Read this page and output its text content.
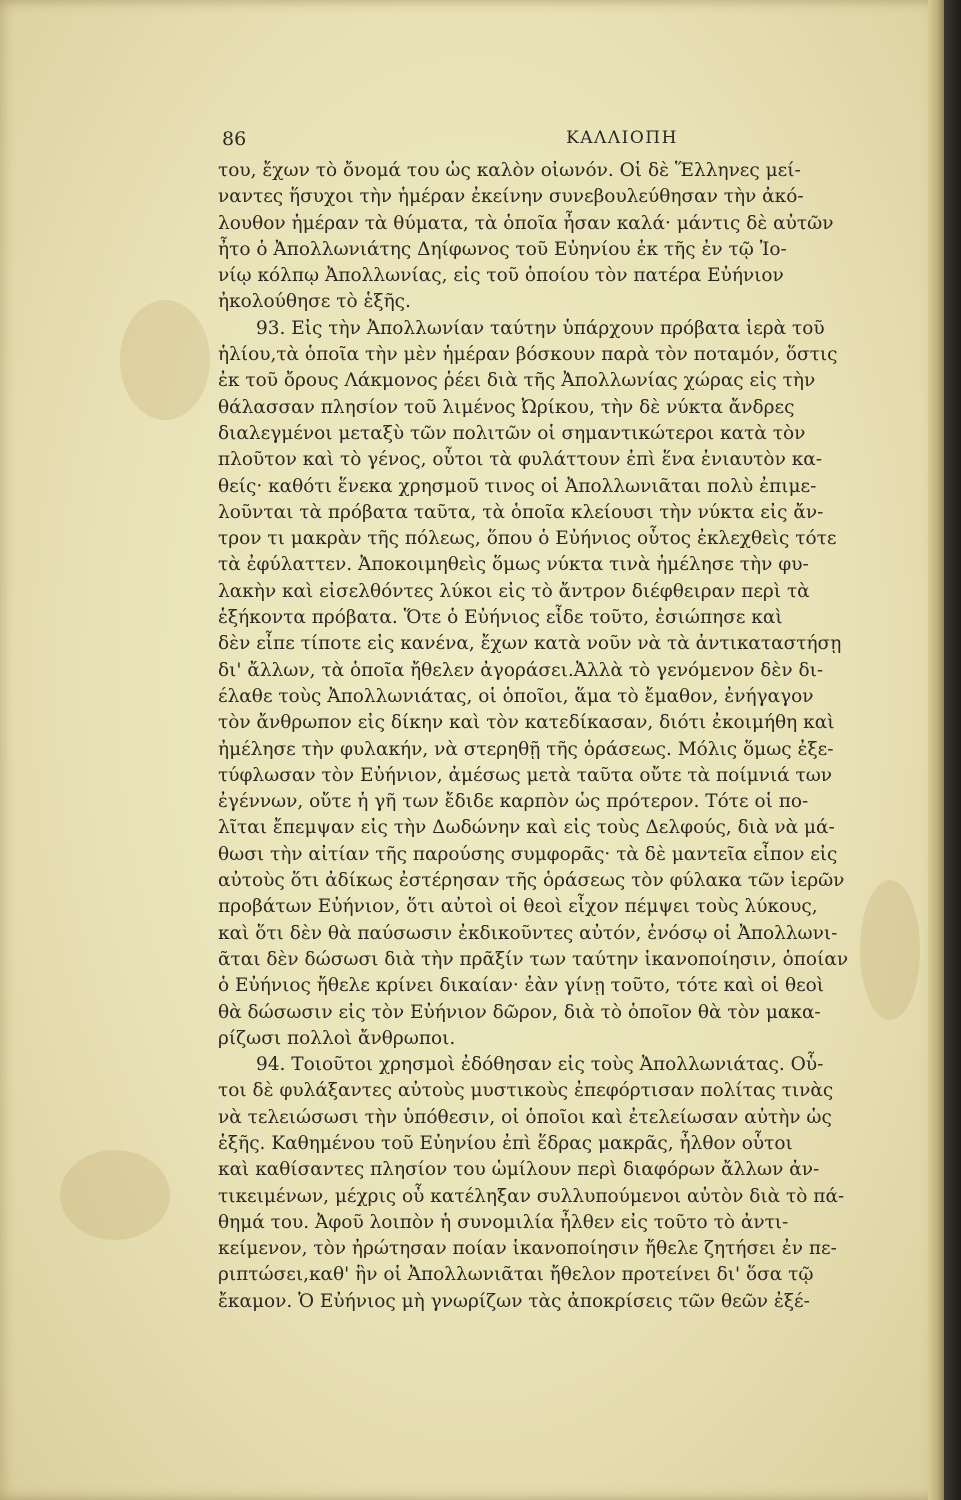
86	ΚΑΛΛΙΟΠΗ
του, ἔχων τὸ ὄνομά του ὡς καλὸν οἰωνόν. Οἱ δὲ Ἕλληνες μεί-
ναντες ἥσυχοι τὴν ἡμέραν ἐκείνην συνεβουλεύθησαν τὴν ἀκό-
λουθον ἡμέραν τὰ θύματα, τὰ ὁποῖα ἦσαν καλά· μάντις δὲ αὐτῶν
ἦτο ὁ Ἀπολλωνιάτης Δηίφωνος τοῦ Εὐηνίου ἐκ τῆς ἐν τῷ Ἰο-
νίῳ κόλπῳ Ἀπολλωνίας, εἰς τοῦ ὁποίου τὸν πατέρα Εὐήνιον
ἠκολούθησε τὸ ἑξῆς.
93. Εἰς τὴν Ἀπολλωνίαν ταύτην ὑπάρχουν πρόβατα ἱερὰ τοῦ
ἡλίου,τὰ ὁποῖα τὴν μὲν ἡμέραν βόσκουν παρὰ τὸν ποταμόν, ὅστις
ἐκ τοῦ ὄρους Λάκμονος ῥέει διὰ τῆς Ἀπολλωνίας χώρας εἰς τὴν
θάλασσαν πλησίον τοῦ λιμένος Ὠρίκου, τὴν δὲ νύκτα ἄνδρες
διαλεγμένοι μεταξὺ τῶν πολιτῶν οἱ σημαντικώτεροι κατὰ τὸν
πλοῦτον καὶ τὸ γένος, οὗτοι τὰ φυλάττουν ἐπὶ ἕνα ἐνιαυτὸν κα-
θείς· καθότι ἕνεκα χρησμοῦ τινος οἱ Ἀπολλωνιᾶται πολὺ ἐπιμε-
λοῦνται τὰ πρόβατα ταῦτα, τὰ ὁποῖα κλείουσι τὴν νύκτα εἰς ἄν-
τρον τι μακρὰν τῆς πόλεως, ὅπου ὁ Εὐήνιος οὗτος ἐκλεχθεὶς τότε
τὰ ἐφύλαττεν. Ἀποκοιμηθεὶς ὅμως νύκτα τινὰ ἠμέλησε τὴν φυ-
λακὴν καὶ εἰσελθόντες λύκοι εἰς τὸ ἄντρον διέφθειραν περὶ τὰ
ἑξήκοντα πρόβατα. Ὅτε ὁ Εὐήνιος εἶδε τοῦτο, ἐσιώπησε καὶ
δὲν εἶπε τίποτε εἰς κανένα, ἔχων κατὰ νοῦν νὰ τὰ ἀντικαταστήσῃ
δι' ἄλλων, τὰ ὁποῖα ἤθελεν ἀγοράσει.Ἀλλὰ τὸ γενόμενον δὲν δι-
έλαθε τοὺς Ἀπολλωνιάτας, οἱ ὁποῖοι, ἅμα τὸ ἔμαθον, ἐνήγαγον
τὸν ἄνθρωπον εἰς δίκην καὶ τὸν κατεδίκασαν, διότι ἐκοιμήθη καὶ
ἠμέλησε τὴν φυλακήν, νὰ στερηθῇ τῆς ὁράσεως. Μόλις ὅμως ἐξε-
τύφλωσαν τὸν Εὐήνιον, ἀμέσως μετὰ ταῦτα οὔτε τὰ ποίμνιά των
ἐγέννων, οὔτε ἡ γῆ των ἔδιδε καρπὸν ὡς πρότερον. Τότε οἱ πο-
λῖται ἔπεμψαν εἰς τὴν Δωδώνην καὶ εἰς τοὺς Δελφούς, διὰ νὰ μά-
θωσι τὴν αἰτίαν τῆς παρούσης συμφορᾶς· τὰ δὲ μαντεῖα εἶπον εἰς
αὐτοὺς ὅτι ἀδίκως ἐστέρησαν τῆς ὁράσεως τὸν φύλακα τῶν ἱερῶν
προβάτων Εὐήνιον, ὅτι αὐτοὶ οἱ θεοὶ εἶχον πέμψει τοὺς λύκους,
καὶ ὅτι δὲν θὰ παύσωσιν ἐκδικοῦντες αὐτόν, ἐνόσῳ οἱ Ἀπολλωνι-
ᾶται δὲν δώσωσι διὰ τὴν πρᾶξίν των ταύτην ἱκανοποίησιν, ὁποίαν
ὁ Εὐήνιος ἤθελε κρίνει δικαίαν· ἐὰν γίνῃ τοῦτο, τότε καὶ οἱ θεοὶ
θὰ δώσωσιν εἰς τὸν Εὐήνιον δῶρον, διὰ τὸ ὁποῖον θὰ τὸν μακα-
ρίζωσι πολλοὶ ἄνθρωποι.
94. Τοιοῦτοι χρησμοὶ ἐδόθησαν εἰς τοὺς Ἀπολλωνιάτας. Οὗ-
τοι δὲ φυλάξαντες αὐτοὺς μυστικοὺς ἐπεφόρτισαν πολίτας τινὰς
νὰ τελειώσωσι τὴν ὑπόθεσιν, οἱ ὁποῖοι καὶ ἐτελείωσαν αὐτὴν ὡς
ἑξῆς. Καθημένου τοῦ Εὐηνίου ἐπὶ ἕδρας μακρᾶς, ἦλθον οὗτοι
καὶ καθίσαντες πλησίον του ὡμίλουν περὶ διαφόρων ἄλλων ἀν-
τικειμένων, μέχρις οὗ κατέληξαν συλλυπούμενοι αὐτὸν διὰ τὸ πά-
θημά του. Ἀφοῦ λοιπὸν ἡ συνομιλία ἦλθεν εἰς τοῦτο τὸ ἀντι-
κείμενον, τὸν ἠρώτησαν ποίαν ἱκανοποίησιν ἤθελε ζητήσει ἐν πε-
ριπτώσει,καθ' ἣν οἱ Ἀπολλωνιᾶται ἤθελον προτείνει δι' ὅσα τῷ
ἔκαμον. Ὁ Εὐήνιος μὴ γνωρίζων τὰς ἀποκρίσεις τῶν θεῶν ἐξέ-
